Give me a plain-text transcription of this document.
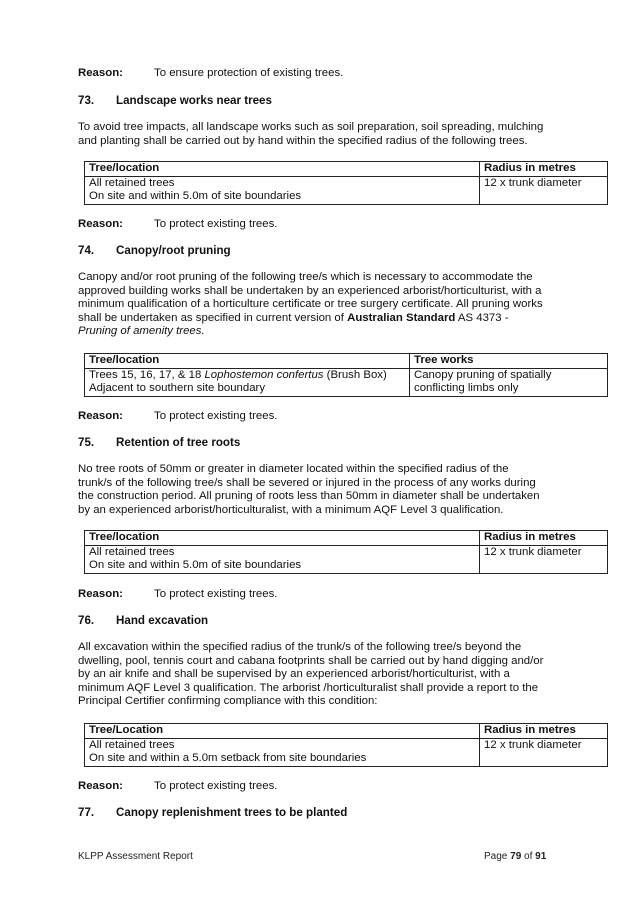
Reason:	To ensure protection of existing trees.
73. Landscape works near trees
To avoid tree impacts, all landscape works such as soil preparation, soil spreading, mulching
and planting shall be carried out by hand within the specified radius of the following trees.
Tree/location	Radius in metres

All retained trees
On site and within 5.0m of site boundaries	12 x trunk diameter
Reason:	To protect existing trees.
74. Canopy/root pruning
Canopy and/or root pruning of the following tree/s which is necessary to accommodate the
approved building works shall be undertaken by an experienced arborist/horticulturist, with a
minimum qualification of a horticulture certificate or tree surgery certificate. All pruning works
shall be undertaken as specified in current version of Australian Standard AS 4373 -
Pruning of amenity trees.
Tree/location	Tree works

Trees 15, 16, 17, & 18 Lophostemon confertus (Brush Box)
Adjacent to southern site boundary	Canopy pruning of spatially
conflicting limbs only
Reason:	To protect existing trees.
75. Retention of tree roots
No tree roots of 50mm or greater in diameter located within the specified radius of the
trunk/s of the following tree/s shall be severed or injured in the process of any works during
the construction period. All pruning of roots less than 50mm in diameter shall be undertaken
by an experienced arborist/horticulturalist, with a minimum AQF Level 3 qualification.
Tree/location	Radius in metres

All retained trees
On site and within 5.0m of site boundaries	12 x trunk diameter
Reason:	To protect existing trees.
76. Hand excavation
All excavation within the specified radius of the trunk/s of the following tree/s beyond the
dwelling, pool, tennis court and cabana footprints shall be carried out by hand digging and/or
by an air knife and shall be supervised by an experienced arborist/horticulturist, with a
minimum AQF Level 3 qualification. The arborist /horticulturalist shall provide a report to the
Principal Certifier confirming compliance with this condition:
Tree/Location	Radius in metres

All retained trees
On site and within a 5.0m setback from site boundaries	12 x trunk diameter
Reason:	To protect existing trees.
77. Canopy replenishment trees to be planted
KLPP Assessment Report	Page 79 of 91
